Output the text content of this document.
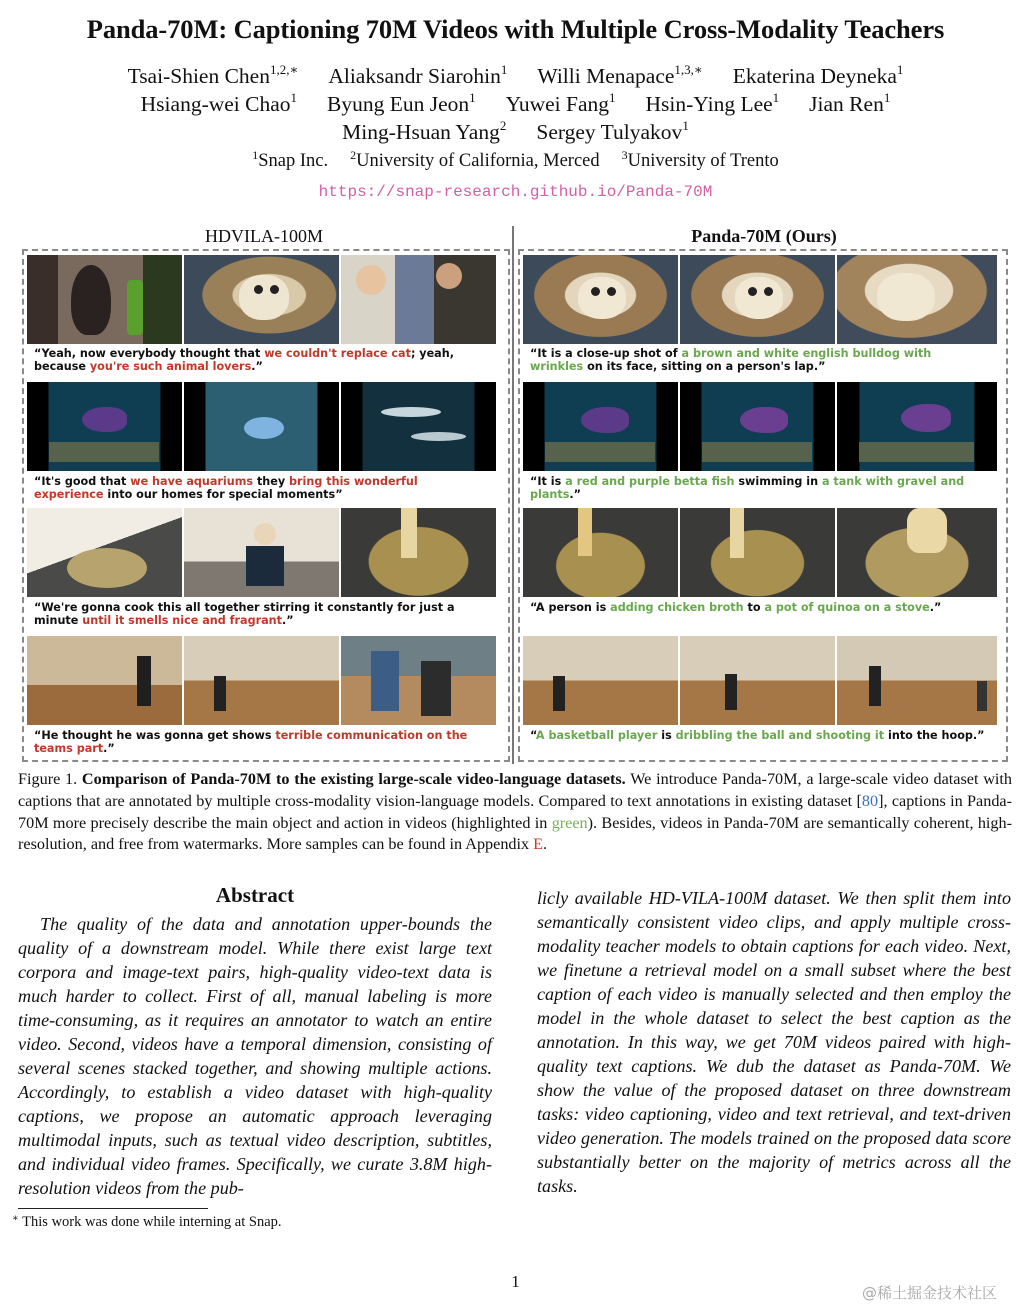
Panda-70M: Captioning 70M Videos with Multiple Cross-Modality Teachers
Tsai-Shien Chen$^{1,2,∗}$ Aliaksandr Siarohin$^1$ Willi Menapace$^{1,3,∗}$ Ekaterina Deyneka$^1$
Hsiang-wei Chao$^1$ Byung Eun Jeon$^1$ Yuwei Fang$^1$ Hsin-Ying Lee$^1$ Jian Ren$^1$
Ming-Hsuan Yang$^2$ Sergey Tulyakov$^1$
$^1$Snap Inc. $^2$University of California, Merced $^3$University of Trento
https://snap-research.github.io/Panda-70M
HDVILA-100M	Panda-70M (Ours)
“Yeah, now everybody thought that we couldn't replace cat; yeah, because you're such animal lovers.”
“It's good that we have aquariums they bring this wonderful experience into our homes for special moments”
“We're gonna cook this all together stirring it constantly for just a minute until it smells nice and fragrant.”
“He thought he was gonna get shows terrible communication on the teams part.”
“It is a close-up shot of a brown and white english bulldog with wrinkles on its face, sitting on a person's lap.”
“It is a red and purple betta fish swimming in a tank with gravel and plants.”
“A person is adding chicken broth to a pot of quinoa on a stove.”
“A basketball player is dribbling the ball and shooting it into the hoop.”
Figure 1. Comparison of Panda-70M to the existing large-scale video-language datasets. We introduce Panda-70M, a large-scale video dataset with captions that are annotated by multiple cross-modality vision-language models. Compared to text annotations in existing dataset [80], captions in Panda-70M more precisely describe the main object and action in videos (highlighted in green). Besides, videos in Panda-70M are semantically coherent, high-resolution, and free from watermarks. More samples can be found in Appendix E.
Abstract
The quality of the data and annotation upper-bounds the quality of a downstream model. While there exist large text corpora and image-text pairs, high-quality video-text data is much harder to collect. First of all, manual labeling is more time-consuming, as it requires an annotator to watch an entire video. Second, videos have a temporal dimension, consisting of several scenes stacked together, and showing multiple actions. Accordingly, to establish a video dataset with high-quality captions, we propose an automatic approach leveraging multimodal inputs, such as textual video description, subtitles, and individual video frames. Specifically, we curate 3.8M high-resolution videos from the pub-
licly available HD-VILA-100M dataset. We then split them into semantically consistent video clips, and apply multiple cross-modality teacher models to obtain captions for each video. Next, we finetune a retrieval model on a small subset where the best caption of each video is manually selected and then employ the model in the whole dataset to select the best caption as the annotation. In this way, we get 70M videos paired with high-quality text captions. We dub the dataset as Panda-70M. We show the value of the proposed dataset on three downstream tasks: video captioning, video and text retrieval, and text-driven video generation. The models trained on the proposed data score substantially better on the majority of metrics across all the tasks.
∗ This work was done while interning at Snap.
1
@稀土掘金技术社区
